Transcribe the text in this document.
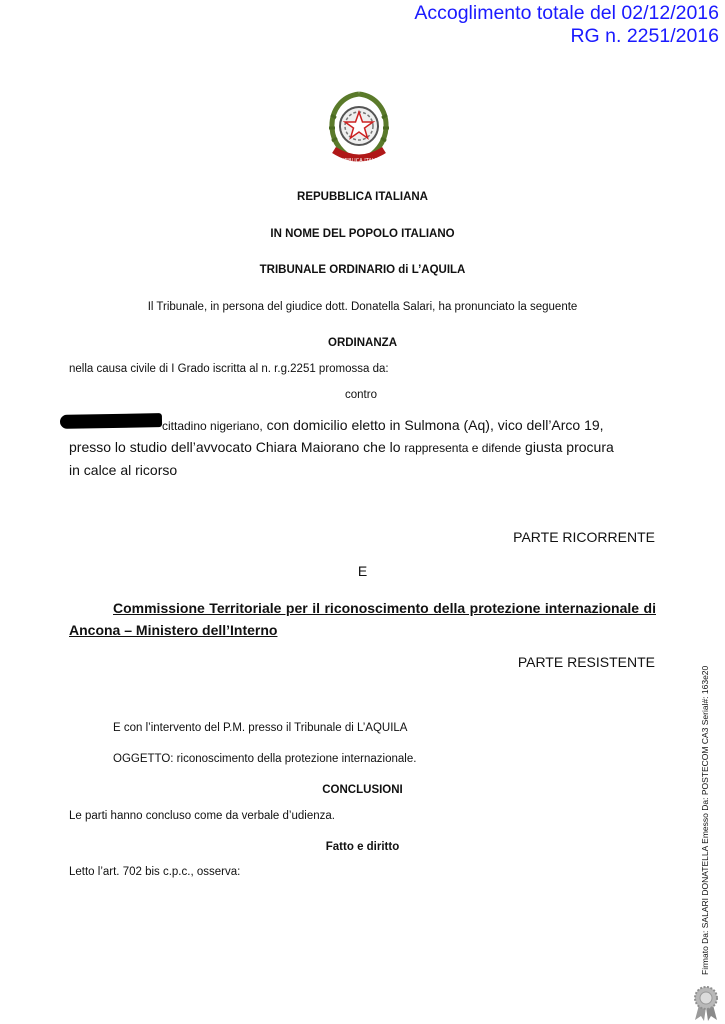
Accoglimento totale del 02/12/2016
RG n. 2251/2016
REPUBBLICA ITALIANA
REPUBBLICA ITALIANA
IN NOME DEL POPOLO ITALIANO
TRIBUNALE ORDINARIO di L’AQUILA
Il Tribunale, in persona del giudice dott. Donatella Salari, ha pronunciato la seguente
ORDINANZA
nella causa civile di I Grado iscritta al n. r.g.2251 promossa da:
contro
cittadino nigeriano, con domicilio eletto in Sulmona (Aq), vico dell’Arco 19,
presso lo studio dell’avvocato Chiara Maiorano che lo rappresenta e difende giusta procura
in calce al ricorso
PARTE RICORRENTE
E
Commissione Territoriale per il riconoscimento della protezione internazionale di Ancona – Ministero dell’Interno
PARTE RESISTENTE
E con l’intervento del P.M. presso il Tribunale di L’AQUILA
OGGETTO: riconoscimento della protezione internazionale.
CONCLUSIONI
Le parti hanno concluso come da verbale d’udienza.
Fatto e diritto
Letto l’art. 702 bis c.p.c., osserva:	Firmato Da: SALARI DONATELLA Emesso Da: POSTECOM CA3 Serial#: 163e20
